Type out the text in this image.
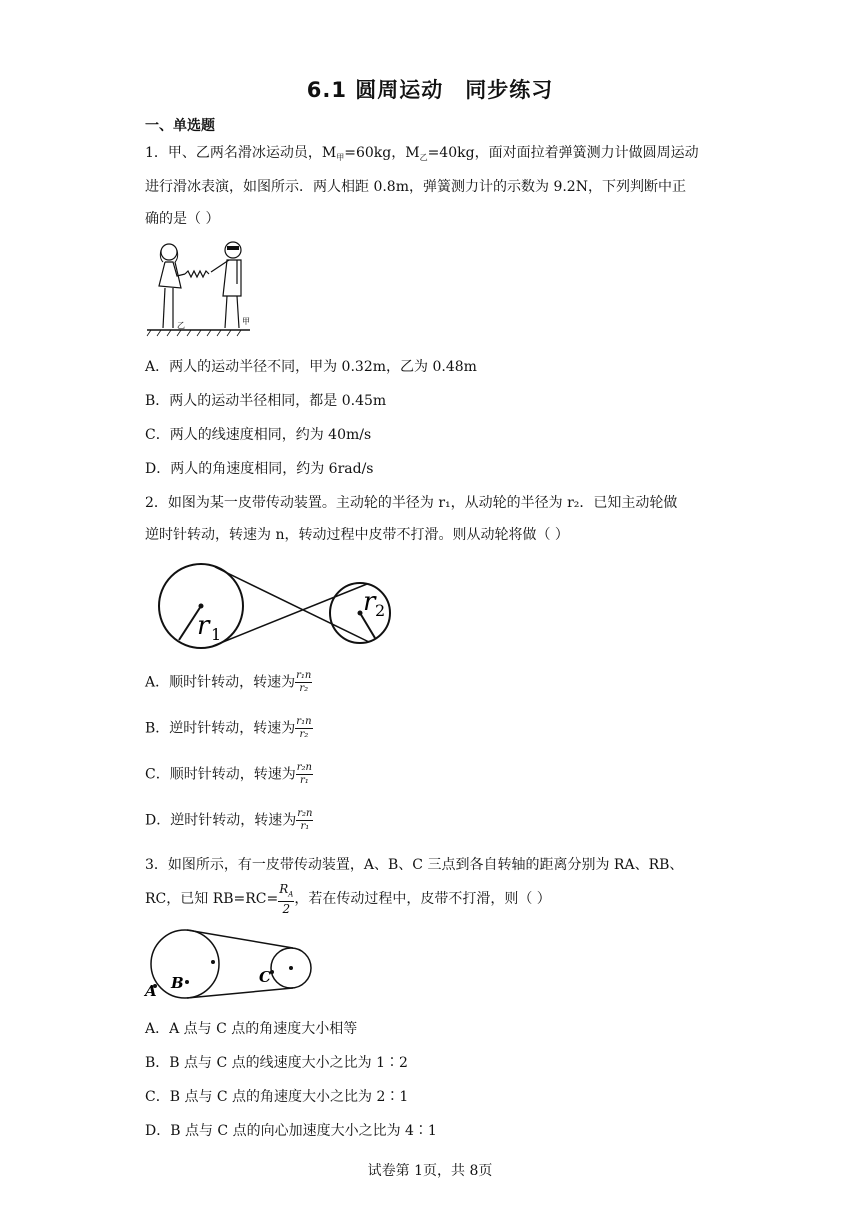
6.1 圆周运动　同步练习
一、单选题
1．甲、乙两名滑冰运动员，$M_甲=60kg$，$M_乙=40kg$，面对面拉着弹簧测力计做圆周运动
进行滑冰表演，如图所示．两人相距 0.8m，弹簧测力计的示数为 9.2N，下列判断中正
确的是（ ）
乙	甲
A．两人的运动半径不同，甲为 0.32m，乙为 0.48m
B．两人的运动半径相同，都是 0.45m
C．两人的线速度相同，约为 40m/s
D．两人的角速度相同，约为 6rad/s
2．如图为某一皮带传动装置。主动轮的半径为 r₁，从动轮的半径为 r₂．已知主动轮做
逆时针转动，转速为 n，转动过程中皮带不打滑。则从动轮将做（ ）
r 1
r 2
A．顺时针转动，转速为 $\frac{\text{r₁n}}{\text{r₂}}$
B．逆时针转动，转速为 $\frac{\text{r₁n}}{\text{r₂}}$
C．顺时针转动，转速为 $\frac{\text{r₂n}}{\text{r₁}}$
D．逆时针转动，转速为 $\frac{\text{r₂n}}{\text{r₁}}$
3．如图所示，有一皮带传动装置，A、B、C 三点到各自转轴的距离分别为 RA、RB、
RC，已知 $RB=RC= \frac{R_A}{2}$ ，若在传动过程中，皮带不打滑，则（ ）
A B	C
A．A 点与 C 点的角速度大小相等
B．B 点与 C 点的线速度大小之比为 1∶2
C．B 点与 C 点的角速度大小之比为 2∶1
D．B 点与 C 点的向心加速度大小之比为 4∶1
试卷第 1页，共 8页
